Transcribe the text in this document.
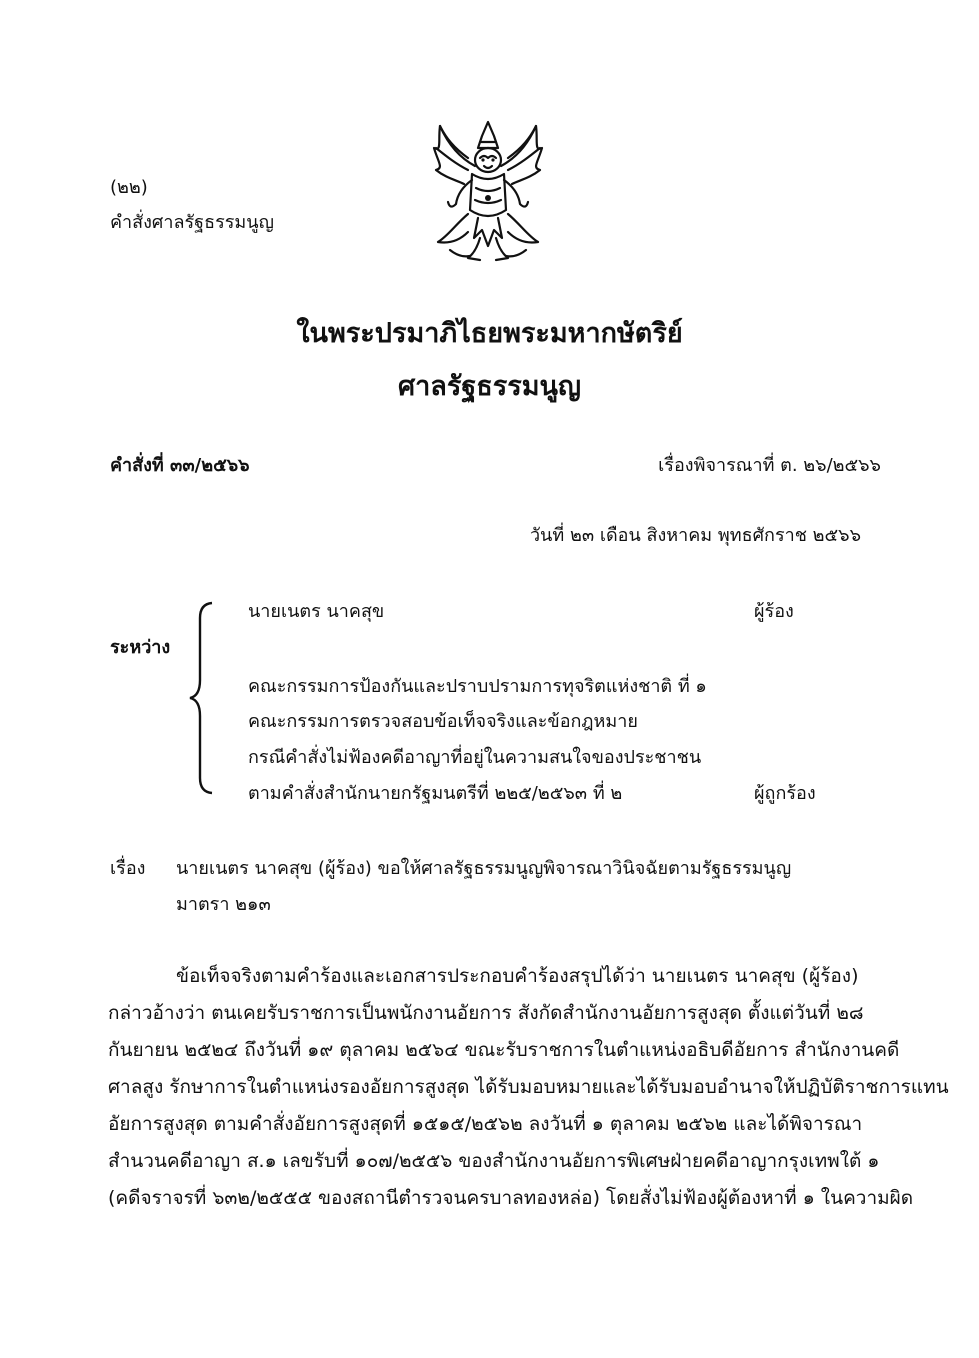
(๒๒)
คำสั่งศาลรัฐธรรมนูญ
ในพระปรมาภิไธยพระมหากษัตริย์
ศาลรัฐธรรมนูญ
คำสั่งที่ ๓๓/๒๕๖๖	เรื่องพิจารณาที่ ต. ๒๖/๒๕๖๖
วันที่ ๒๓ เดือน สิงหาคม พุทธศักราช ๒๕๖๖
ระหว่าง
นายเนตร นาคสุข	ผู้ร้อง
คณะกรรมการป้องกันและปราบปรามการทุจริตแห่งชาติ ที่ ๑
คณะกรรมการตรวจสอบข้อเท็จจริงและข้อกฎหมาย
กรณีคำสั่งไม่ฟ้องคดีอาญาที่อยู่ในความสนใจของประชาชน
ตามคำสั่งสำนักนายกรัฐมนตรีที่ ๒๒๕/๒๕๖๓ ที่ ๒	ผู้ถูกร้อง
เรื่อง นายเนตร นาคสุข (ผู้ร้อง) ขอให้ศาลรัฐธรรมนูญพิจารณาวินิจฉัยตามรัฐธรรมนูญ
มาตรา ๒๑๓
ข้อเท็จจริงตามคำร้องและเอกสารประกอบคำร้องสรุปได้ว่า นายเนตร นาคสุข (ผู้ร้อง)
กล่าวอ้างว่า ตนเคยรับราชการเป็นพนักงานอัยการ สังกัดสำนักงานอัยการสูงสุด ตั้งแต่วันที่ ๒๘
กันยายน ๒๕๒๔ ถึงวันที่ ๑๙ ตุลาคม ๒๕๖๔ ขณะรับราชการในตำแหน่งอธิบดีอัยการ สำนักงานคดี
ศาลสูง รักษาการในตำแหน่งรองอัยการสูงสุด ได้รับมอบหมายและได้รับมอบอำนาจให้ปฏิบัติราชการแทน
อัยการสูงสุด ตามคำสั่งอัยการสูงสุดที่ ๑๕๑๕/๒๕๖๒ ลงวันที่ ๑ ตุลาคม ๒๕๖๒ และได้พิจารณา
สำนวนคดีอาญา ส.๑ เลขรับที่ ๑๐๗/๒๕๕๖ ของสำนักงานอัยการพิเศษฝ่ายคดีอาญากรุงเทพใต้ ๑
(คดีจราจรที่ ๖๓๒/๒๕๕๕ ของสถานีตำรวจนครบาลทองหล่อ) โดยสั่งไม่ฟ้องผู้ต้องหาที่ ๑ ในความผิด
